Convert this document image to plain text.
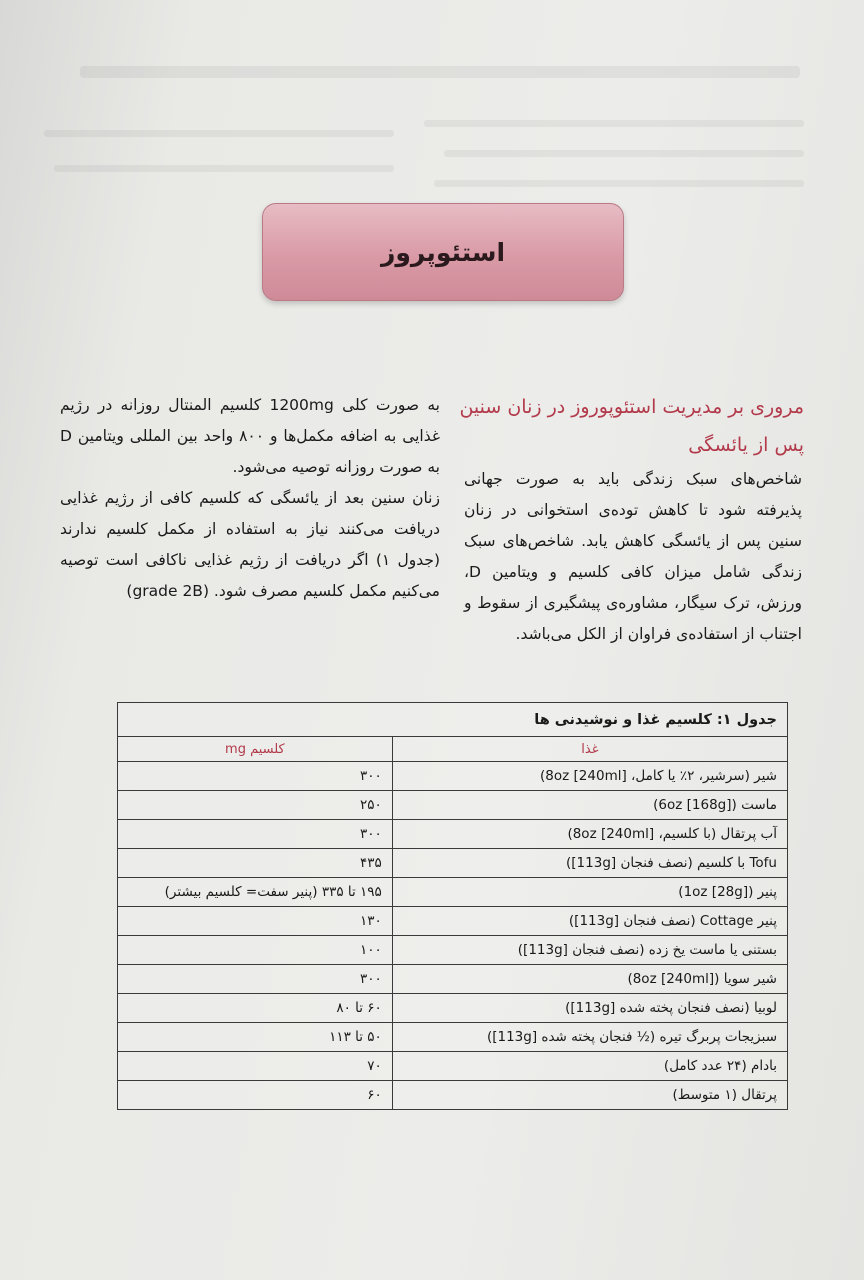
استئوپروز
مروری بر مدیریت استئوپوروز در زنان سنین پس از یائسگی

شاخص‌های سبک زندگی باید به صورت جهانی پذیرفته شود تا کاهش توده‌ی استخوانی در زنان سنین پس از یائسگی کاهش یابد. شاخص‌های سبک زندگی شامل میزان کافی کلسیم و ویتامین D، ورزش، ترک سیگار، مشاوره‌ی پیشگیری از سقوط و اجتناب از استفاده‌ی فراوان از الکل می‌باشد.

به صورت کلی 1200mg کلسیم المنتال روزانه در رژیم غذایی به اضافه مکمل‌ها و ۸۰۰ واحد بین المللی ویتامین D به صورت روزانه توصیه می‌شود.

زنان سنین بعد از یائسگی که کلسیم کافی از رژیم غذایی دریافت می‌کنند نیاز به استفاده از مکمل کلسیم ندارند (جدول ۱) اگر دریافت از رژیم غذایی ناکافی است توصیه می‌کنیم مکمل کلسیم مصرف شود. (grade 2B)

جدول ۱: کلسیم غذا و نوشیدنی ها	
غذا	کلسیم mg
شیر (سرشیر، ۲٪ یا کامل، [240ml] 8oz)	۳۰۰
ماست ([168g] 6oz)	۲۵۰
آب پرتقال (با کلسیم، [240ml] 8oz)	۳۰۰
Tofu با کلسیم (نصف فنجان [113g])	۴۳۵
پنیر ([28g] 1oz)	۱۹۵ تا ۳۳۵ (پنیر سفت= کلسیم بیشتر)
پنیر Cottage (نصف فنجان [113g])	۱۳۰
بستنی یا ماست یخ زده (نصف فنجان [113g])	۱۰۰
شیر سویا ([240ml] 8oz)	۳۰۰
لوبیا (نصف فنجان پخته شده [113g])	۶۰ تا ۸۰
سبزیجات پربرگ تیره (½ فنجان پخته شده [113g])	۵۰ تا ۱۱۳
بادام (۲۴ عدد کامل)	۷۰
پرتقال (۱ متوسط)	۶۰
